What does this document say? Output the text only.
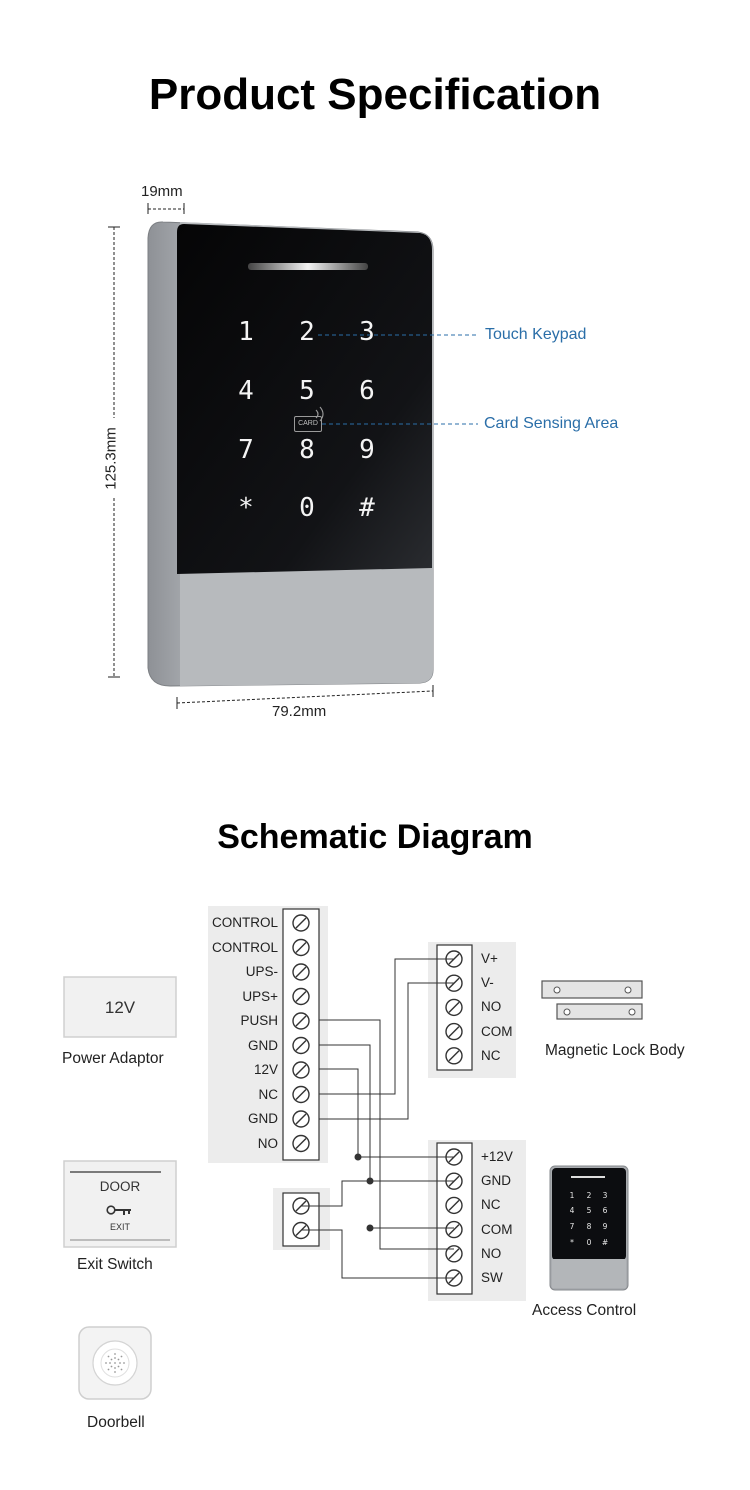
Product Specification
Schematic Diagram
1 2 3
4 5 6
7 8 9
* 0 #
1	2	3
4	5	6
7	8	9
*	0	#
CARD
19mm
125.3mm
79.2mm
Touch Keypad
Card Sensing Area
CONTROL
CONTROL
UPS-
UPS+
PUSH
GND
12V
NC
GND
NO
V+
V-
NO
COM
NC
+12V
GND
NC
COM
NO
SW
12V
Power Adaptor
DOOR
EXIT
Exit Switch
Doorbell
Magnetic Lock Body
Access Control
